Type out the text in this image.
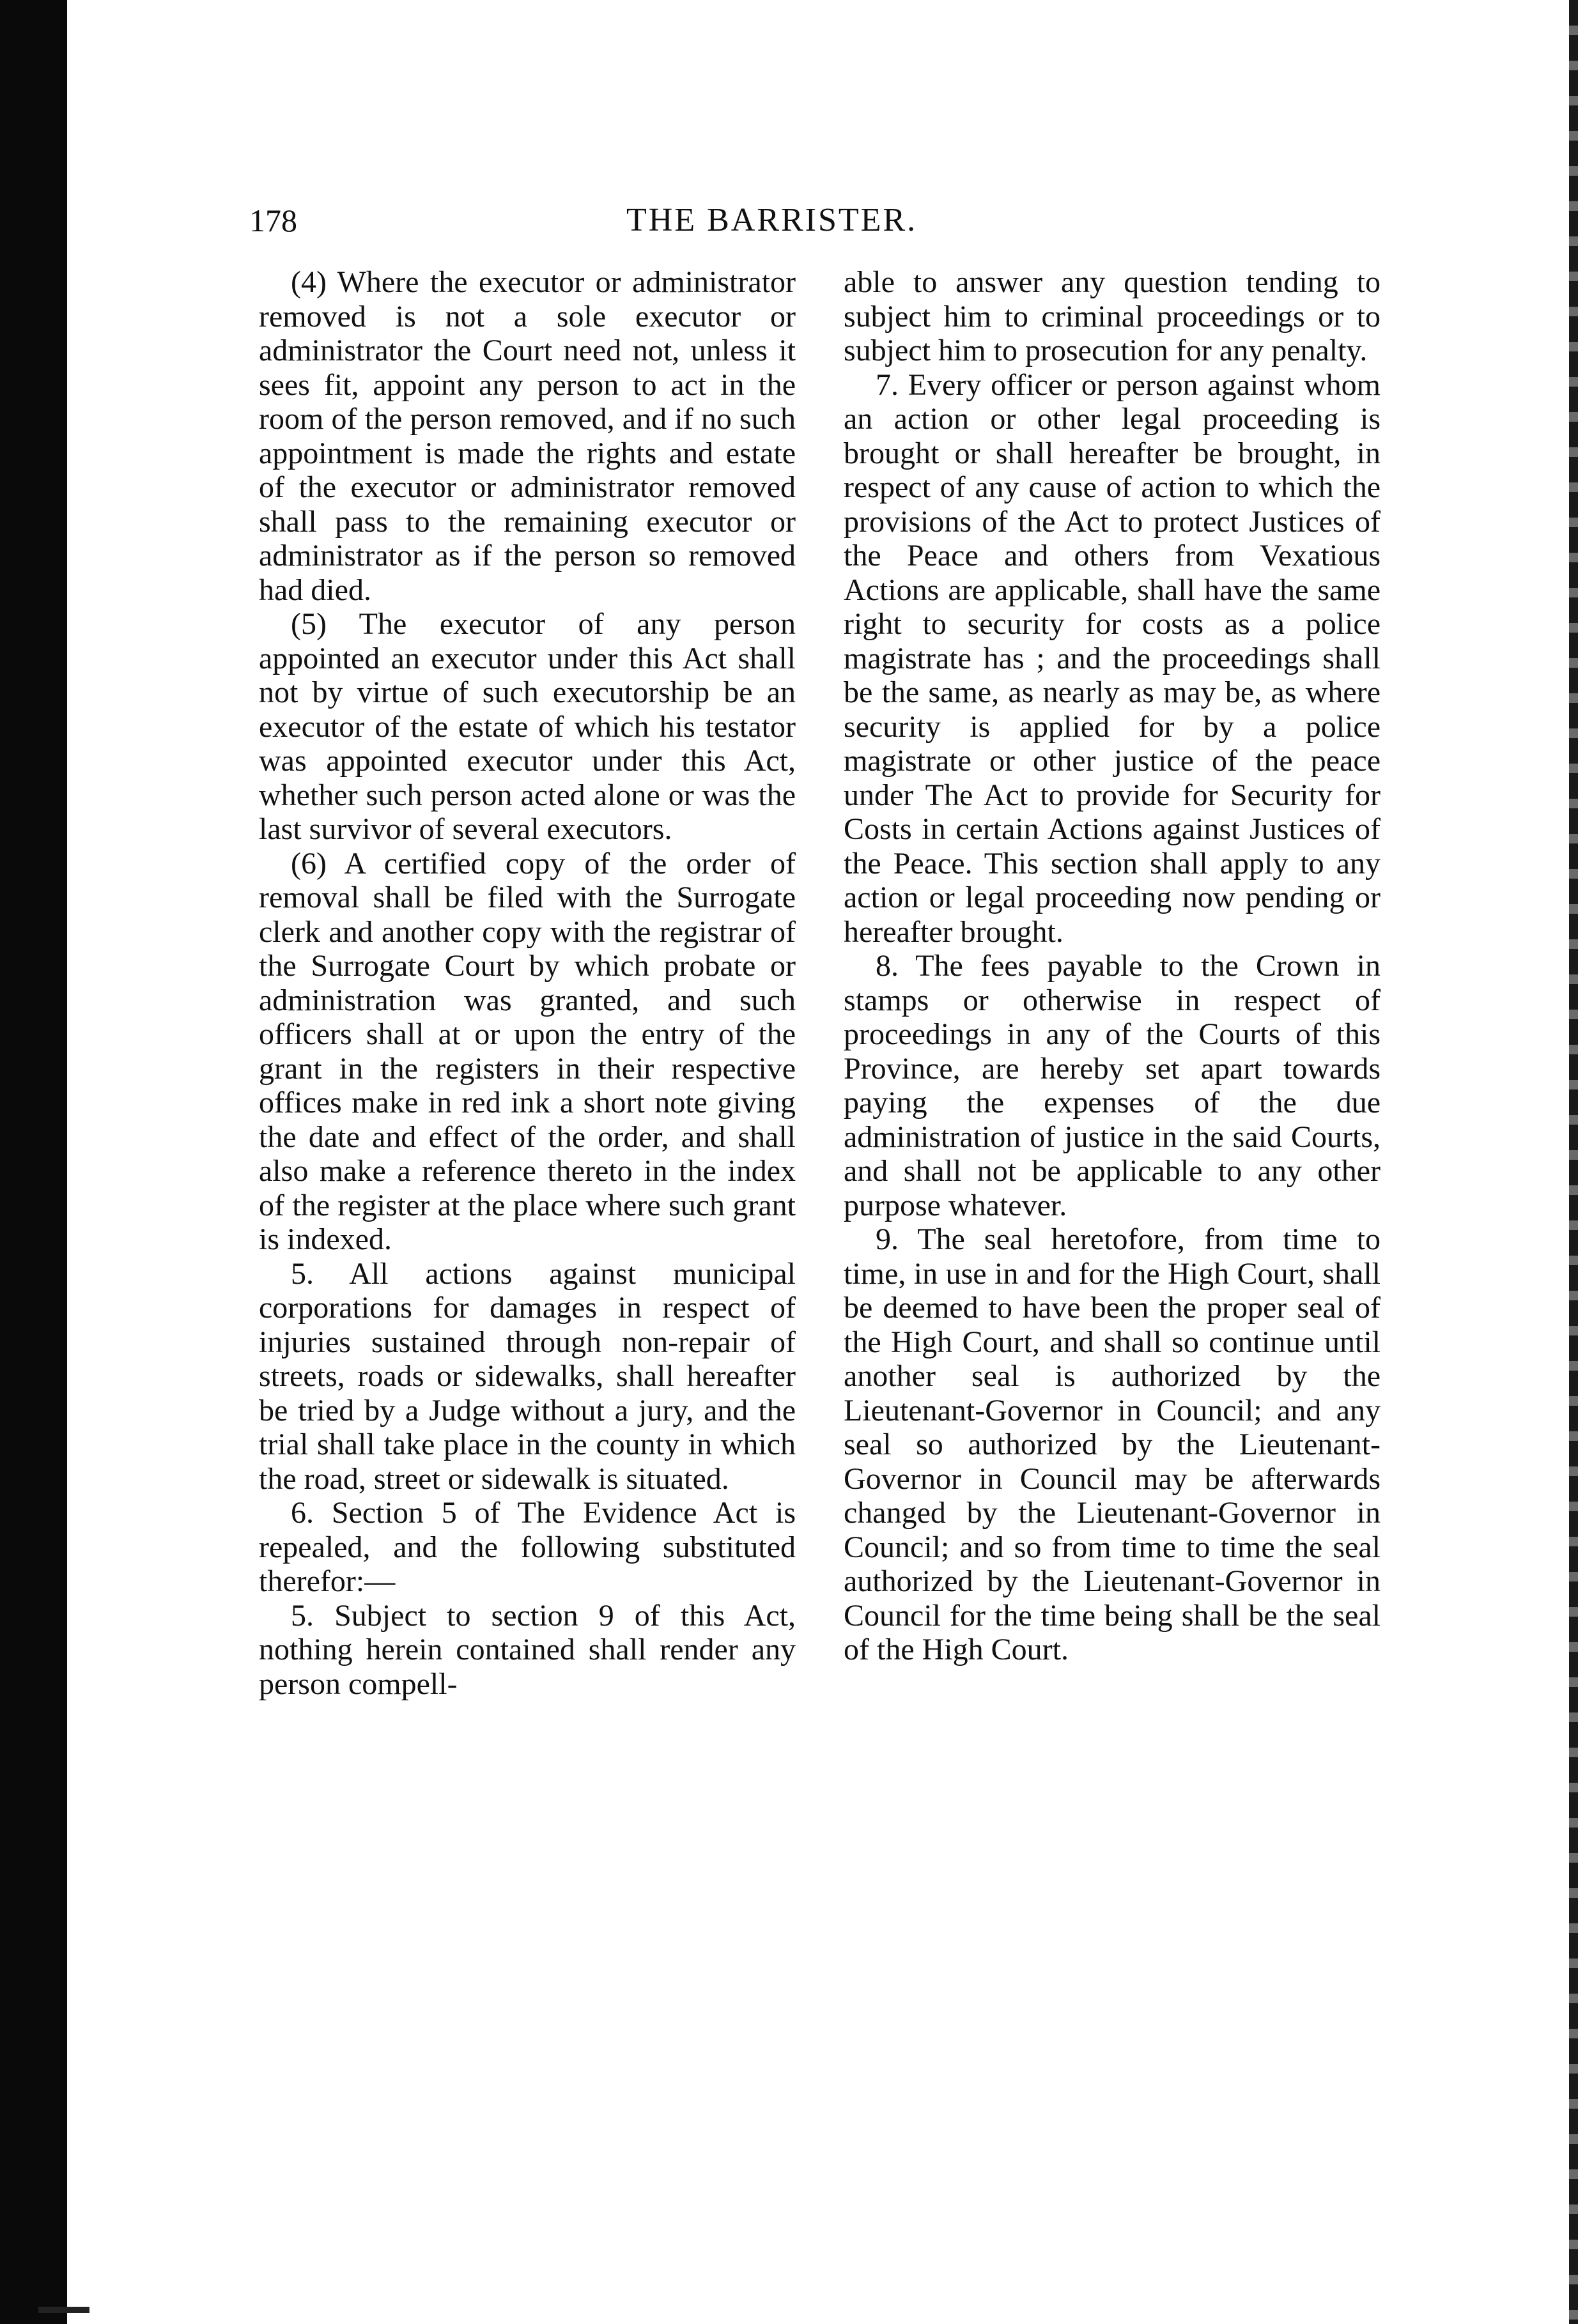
178	THE BARRISTER.

(4) Where the executor or administrator removed is not a sole executor or administrator the Court need not, unless it sees fit, appoint any person to act in the room of the person removed, and if no such appointment is made the rights and estate of the executor or administrator removed shall pass to the remaining executor or administrator as if the person so removed had died.

(5) The executor of any person appointed an executor under this Act shall not by virtue of such executorship be an executor of the estate of which his testator was appointed executor under this Act, whether such person acted alone or was the last survivor of several executors.

(6) A certified copy of the order of removal shall be filed with the Surrogate clerk and another copy with the registrar of the Surrogate Court by which probate or administration was granted, and such officers shall at or upon the entry of the grant in the registers in their respective offices make in red ink a short note giving the date and effect of the order, and shall also make a reference thereto in the index of the register at the place where such grant is indexed.

5. All actions against municipal corporations for damages in respect of injuries sustained through non-repair of streets, roads or sidewalks, shall hereafter be tried by a Judge without a jury, and the trial shall take place in the county in which the road, street or sidewalk is situated.

6. Section 5 of The Evidence Act is repealed, and the following substituted therefor:—

5. Subject to section 9 of this Act, nothing herein contained shall render any person compell-

able to answer any question tending to subject him to criminal proceedings or to subject him to prosecution for any penalty.

7. Every officer or person against whom an action or other legal proceeding is brought or shall hereafter be brought, in respect of any cause of action to which the provisions of the Act to protect Justices of the Peace and others from Vexatious Actions are applicable, shall have the same right to security for costs as a police magistrate has ; and the proceedings shall be the same, as nearly as may be, as where security is applied for by a police magistrate or other justice of the peace under The Act to provide for Security for Costs in certain Actions against Justices of the Peace. This section shall apply to any action or legal proceeding now pending or hereafter brought.

8. The fees payable to the Crown in stamps or otherwise in respect of proceedings in any of the Courts of this Province, are hereby set apart towards paying the expenses of the due administration of justice in the said Courts, and shall not be applicable to any other purpose whatever.

9. The seal heretofore, from time to time, in use in and for the High Court, shall be deemed to have been the proper seal of the High Court, and shall so continue until another seal is authorized by the Lieutenant-Governor in Council; and any seal so authorized by the Lieutenant-Governor in Council may be afterwards changed by the Lieutenant-Governor in Council; and so from time to time the seal authorized by the Lieutenant-Governor in Council for the time being shall be the seal of the High Court.
